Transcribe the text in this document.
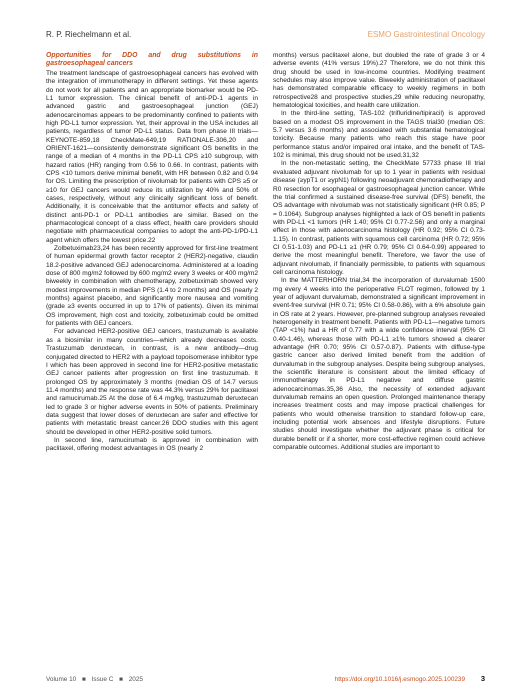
R. P. Riechelmann et al.	ESMO Gastrointestinal Oncology
Opportunities for DDO and drug substitutions in gastroesophageal cancers

The treatment landscape of gastroesophageal cancers has evolved with the integration of immunotherapy in different settings. Yet these agents do not work for all patients and an appropriate biomarker would be PD-L1 tumor expression. The clinical benefit of anti-PD-1 agents in advanced gastric and gastroesophageal junction (GEJ) adenocarcinomas appears to be predominantly confined to patients with high PD-L1 tumor expression. Yet, their approval in the USA includes all patients, regardless of tumor PD-L1 status. Data from phase III trials—KEYNOTE-859,18 CheckMate-649,19 RATIONALE-306,20 and ORIENT-1621—consistently demonstrate significant OS benefits in the range of a median of 4 months in the PD-L1 CPS ≥10 subgroup, with hazard ratios (HR) ranging from 0.56 to 0.66. In contrast, patients with CPS <10 tumors derive minimal benefit, with HR between 0.82 and 0.94 for OS. Limiting the prescription of nivolumab for patients with CPS ≥5 or ≥10 for GEJ cancers would reduce its utilization by 40% and 50% of cases, respectively, without any clinically significant loss of benefit. Additionally, it is conceivable that the antitumor effects and safety of distinct anti-PD-1 or PD-L1 antibodies are similar. Based on the pharmacological concept of a class effect, health care providers should negotiate with pharmaceutical companies to adopt the anti-PD-1/PD-L1 agent which offers the lowest price.22

Zolbetuximab23,24 has been recently approved for first-line treatment of human epidermal growth factor receptor 2 (HER2)-negative, claudin 18.2-positive advanced GEJ adenocarcinoma. Administered at a loading dose of 800 mg/m2 followed by 600 mg/m2 every 3 weeks or 400 mg/m2 biweekly in combination with chemotherapy, zolbetuximab showed very modest improvements in median PFS (1.4 to 2 months) and OS (nearly 2 months) against placebo, and significantly more nausea and vomiting (grade ≥3 events occurred in up to 17% of patients). Given its minimal OS improvement, high cost and toxicity, zolbetuximab could be omitted for patients with GEJ cancers.

For advanced HER2-positive GEJ cancers, trastuzumab is available as a biosimilar in many countries—which already decreases costs. Trastuzumab deruxtecan, in contrast, is a new antibody—drug conjugated directed to HER2 with a payload topoisomerase inhibitor type I which has been approved in second line for HER2-positive metastatic GEJ cancer patients after progression on first line trastuzumab. It prolonged OS by approximately 3 months (median OS of 14.7 versus 11.4 months) and the response rate was 44.3% versus 29% for paclitaxel and ramucirumab.25 At the dose of 6.4 mg/kg, trastuzumab deruxtecan led to grade 3 or higher adverse events in 50% of patients. Preliminary data suggest that lower doses of deruxtecan are safer and effective for patients with metastatic breast cancer.26 DDO studies with this agent should be developed in other HER2-positive solid tumors.

In second line, ramucirumab is approved in combination with paclitaxel, offering modest advantages in OS (nearly 2

months) versus paclitaxel alone, but doubled the rate of grade 3 or 4 adverse events (41% versus 19%).27 Therefore, we do not think this drug should be used in low-income countries. Modifying treatment schedules may also improve value. Biweekly administration of paclitaxel has demonstrated comparable efficacy to weekly regimens in both retrospective28 and prospective studies,29 while reducing neuropathy, hematological toxicities, and health care utilization.

In the third-line setting, TAS-102 (trifluridine/tipiracil) is approved based on a modest OS improvement in the TAGS trial30 (median OS: 5.7 versus 3.6 months) and associated with substantial hematological toxicity. Because many patients who reach this stage have poor performance status and/or impaired oral intake, and the benefit of TAS-102 is minimal, this drug should not be used.31,32

In the non-metastatic setting, the CheckMate 57733 phase III trial evaluated adjuvant nivolumab for up to 1 year in patients with residual disease (≥ypT1 or ≥ypN1) following neoadjuvant chemoradiotherapy and R0 resection for esophageal or gastroesophageal junction cancer. While the trial confirmed a sustained disease-free survival (DFS) benefit, the OS advantage with nivolumab was not statistically significant (HR 0.85; P = 0.1064). Subgroup analyses highlighted a lack of OS benefit in patients with PD-L1 <1 tumors (HR 1.40; 95% CI 0.77-2.56) and only a marginal effect in those with adenocarcinoma histology (HR 0.92; 95% CI 0.73-1.15). In contrast, patients with squamous cell carcinoma (HR 0.72; 95% CI 0.51-1.03) and PD-L1 ≥1 (HR 0.79; 95% CI 0.64-0.99) appeared to derive the most meaningful benefit. Therefore, we favor the use of adjuvant nivolumab, if financially permissible, to patients with squamous cell carcinoma histology.

In the MATTERHORN trial,34 the incorporation of durvalumab 1500 mg every 4 weeks into the perioperative FLOT regimen, followed by 1 year of adjuvant durvalumab, demonstrated a significant improvement in event-free survival (HR 0.71; 95% CI 0.58-0.86), with a 6% absolute gain in OS rate at 2 years. However, pre-planned subgroup analyses revealed heterogeneity in treatment benefit. Patients with PD-L1—negative tumors (TAP <1%) had a HR of 0.77 with a wide confidence interval (95% CI 0.40-1.46), whereas those with PD-L1 ≥1% tumors showed a clearer advantage (HR 0.70; 95% CI 0.57-0.87). Patients with diffuse-type gastric cancer also derived limited benefit from the addition of durvalumab in the subgroup analyses. Despite being subgroup analyses, the scientific literature is consistent about the limited efficacy of immunotherapy in PD-L1 negative and diffuse gastric adenocarcinomas.35,36 Also, the necessity of extended adjuvant durvalumab remains an open question. Prolonged maintenance therapy increases treatment costs and may impose practical challenges for patients who would otherwise transition to standard follow-up care, including potential work absences and lifestyle disruptions. Future studies should investigate whether the adjuvant phase is critical for durable benefit or if a shorter, more cost-effective regimen could achieve comparable outcomes. Additional studies are important to

Volume 10 ■ Issue C ■ 2025	https://doi.org/10.1016/j.esmogo.2025.100239 3
